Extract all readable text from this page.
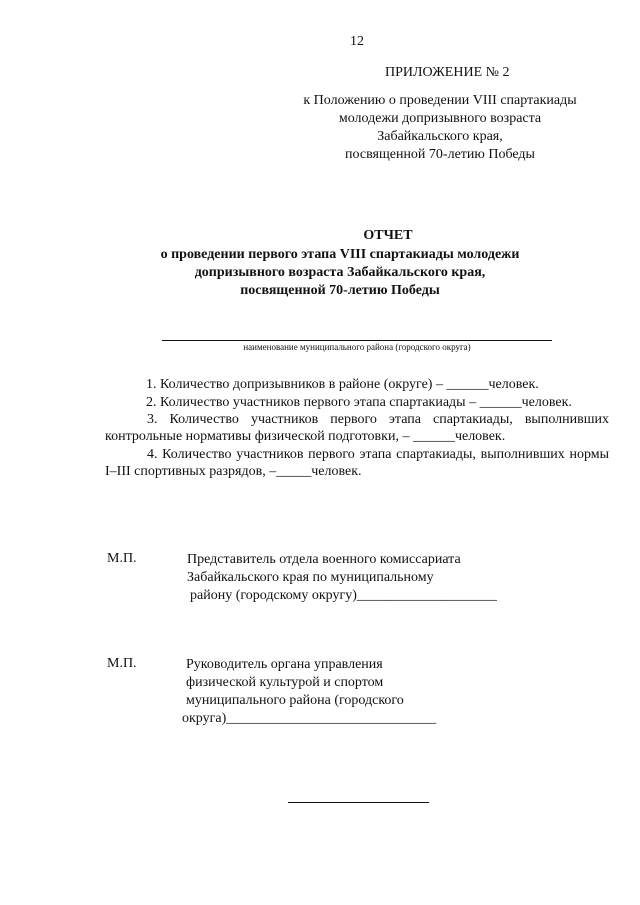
12
ПРИЛОЖЕНИЕ № 2
к Положению о проведении VIII спартакиады
молодежи допризывного возраста
Забайкальского края,
посвященной 70-летию Победы
ОТЧЕТ
о проведении первого этапа VIII спартакиады молодежи
допризывного возраста Забайкальского края,
посвященной 70-летию Победы
наименование муниципального района (городского округа)
1. Количество допризывников в районе (округе) – ______человек.
2. Количество участников первого этапа спартакиады – ______человек.
3. Количество участников первого этапа спартакиады, выполнивших контрольные нормативы физической подготовки, – ______человек.
4. Количество участников первого этапа спартакиады, выполнивших нормы I–III спортивных разрядов, –_____человек.
М.П.	Представитель отдела военного комиссариата
Забайкальского края по муниципальному
району (городскому округу)____________________
М.П.	Руководитель органа управления
физической культурой и спортом
муниципального района (городского
округа)______________________________
